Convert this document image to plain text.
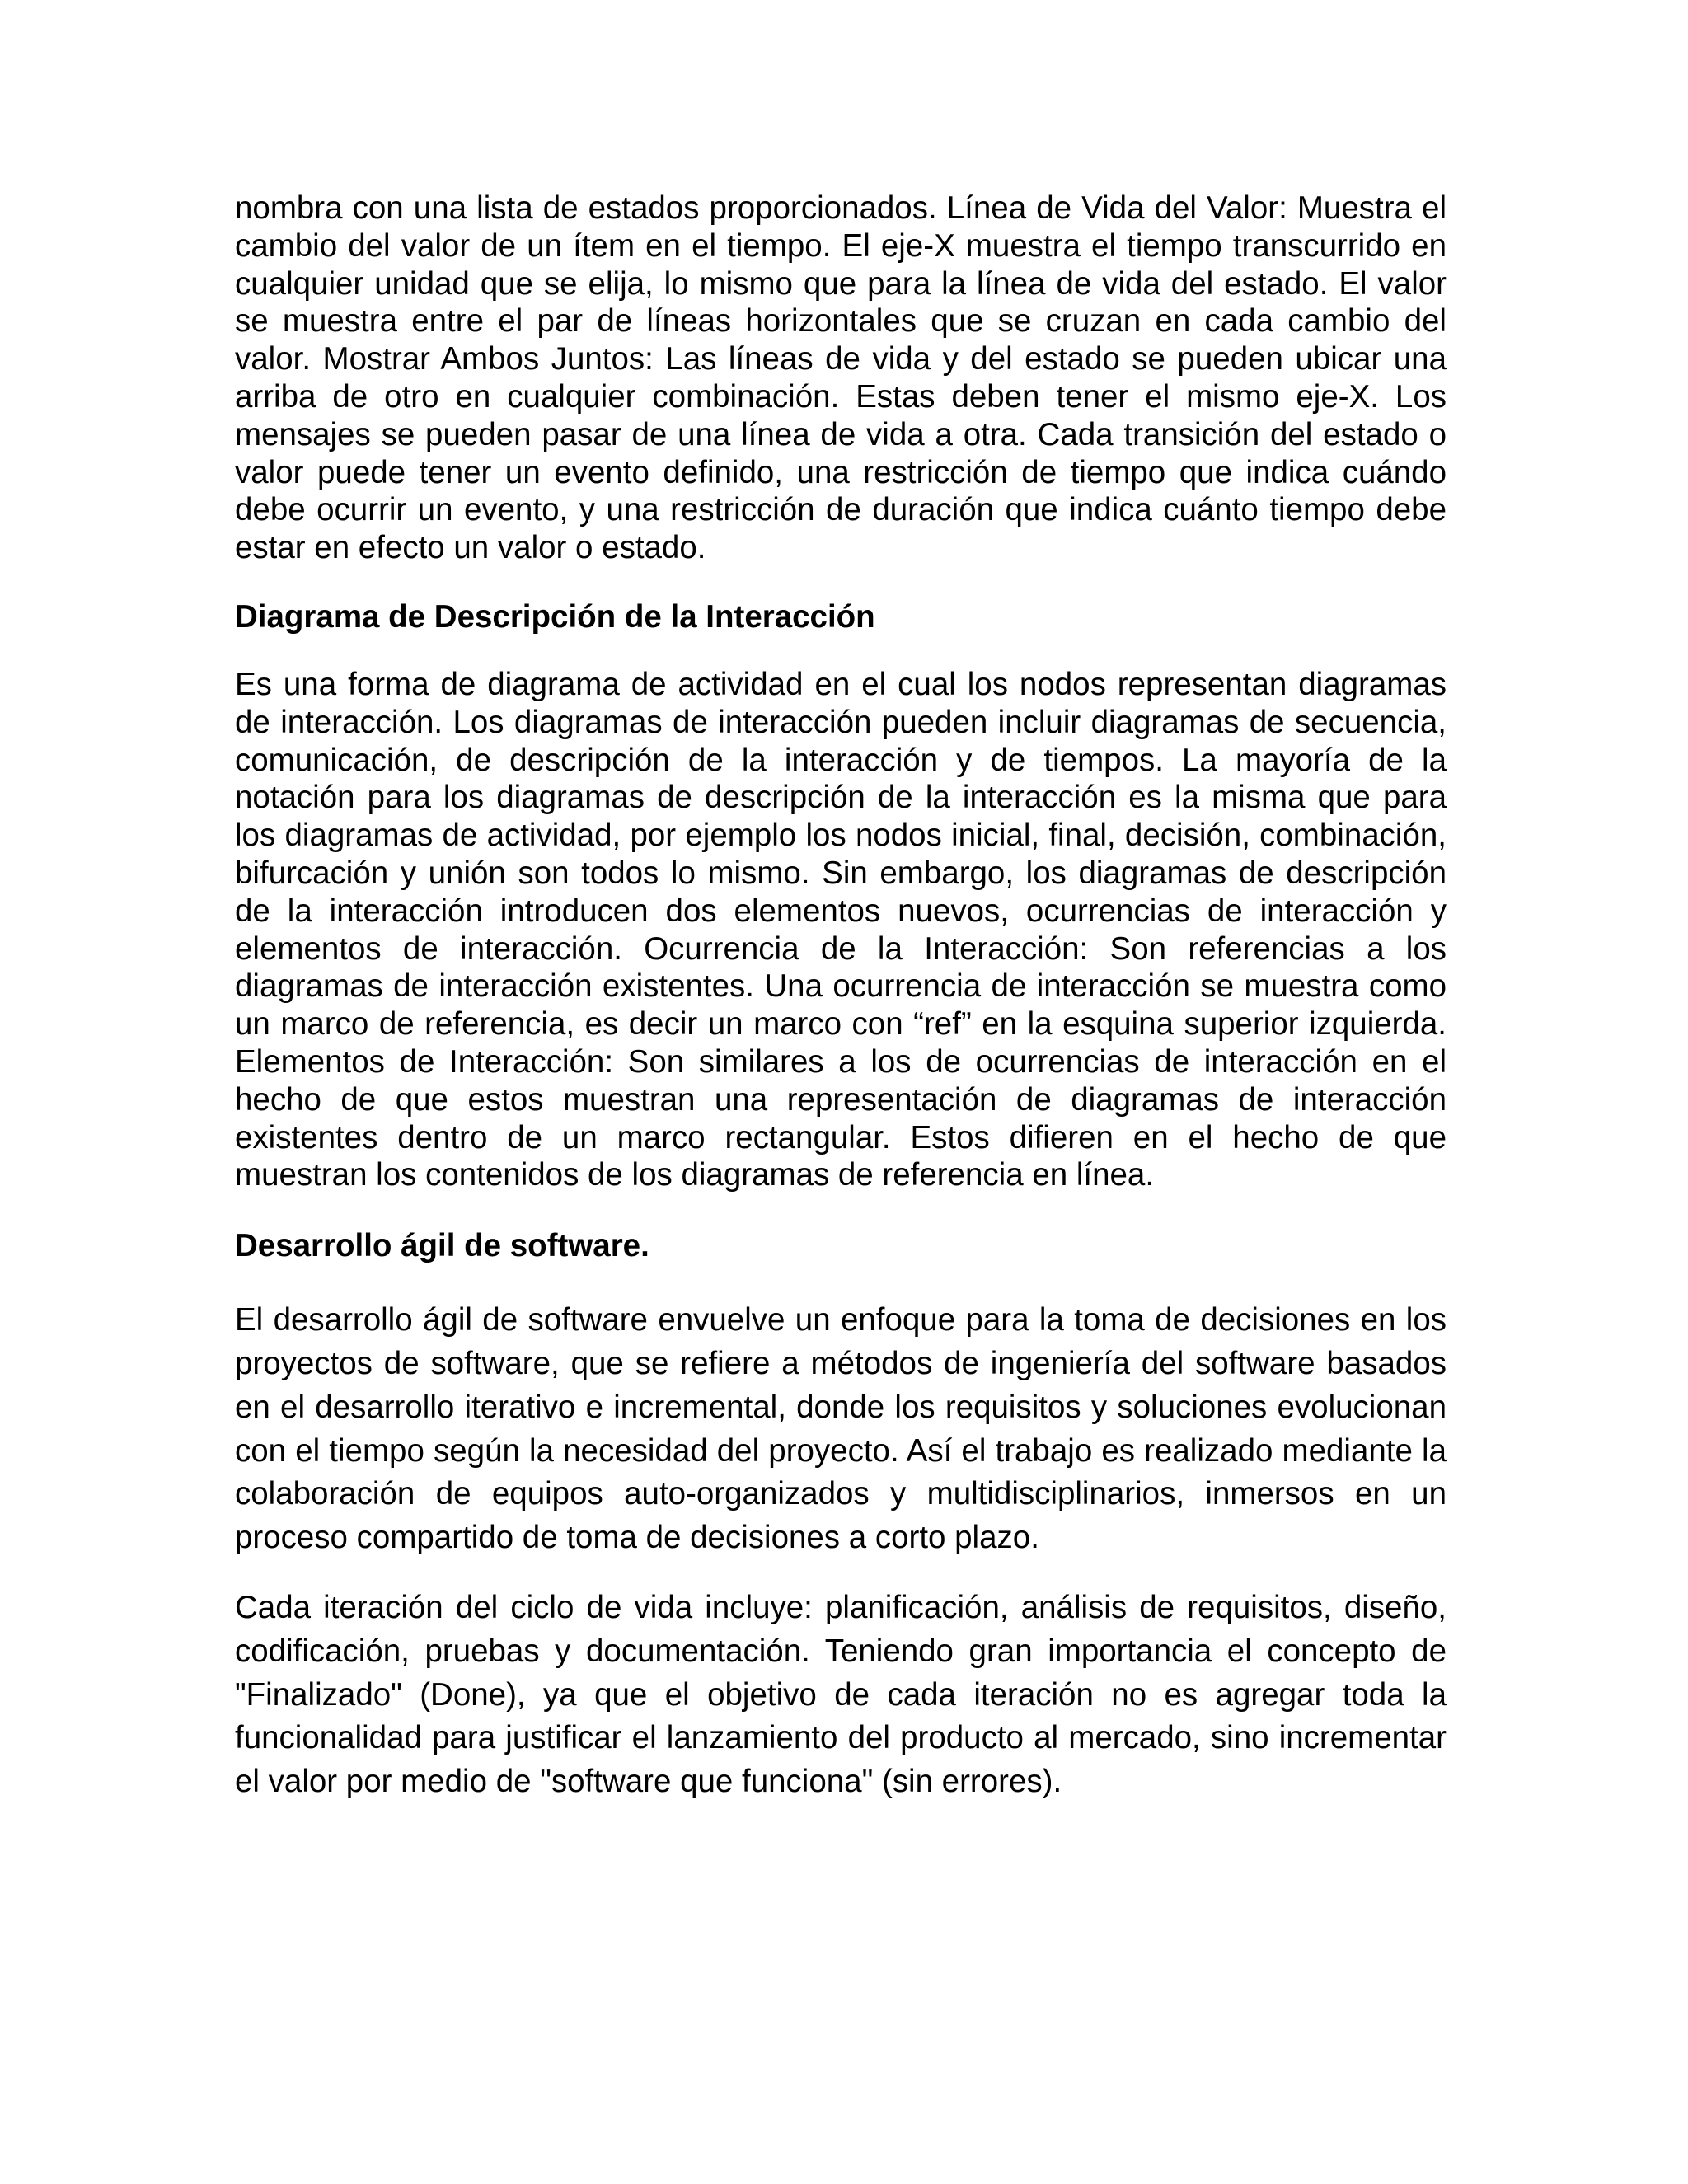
nombra con una lista de estados proporcionados. Línea de Vida del Valor: Muestra el cambio del valor de un ítem en el tiempo. El eje-X muestra el tiempo transcurrido en cualquier unidad que se elija, lo mismo que para la línea de vida del estado. El valor se muestra entre el par de líneas horizontales que se cruzan en cada cambio del valor. Mostrar Ambos Juntos: Las líneas de vida y del estado se pueden ubicar una arriba de otro en cualquier combinación. Estas deben tener el mismo eje-X. Los mensajes se pueden pasar de una línea de vida a otra. Cada transición del estado o valor puede tener un evento definido, una restricción de tiempo que indica cuándo debe ocurrir un evento, y una restricción de duración que indica cuánto tiempo debe estar en efecto un valor o estado.

Diagrama de Descripción de la Interacción

Es una forma de diagrama de actividad en el cual los nodos representan diagramas de interacción. Los diagramas de interacción pueden incluir diagramas de secuencia, comunicación, de descripción de la interacción y de tiempos. La mayoría de la notación para los diagramas de descripción de la interacción es la misma que para los diagramas de actividad, por ejemplo los nodos inicial, final, decisión, combinación, bifurcación y unión son todos lo mismo. Sin embargo, los diagramas de descripción de la interacción introducen dos elementos nuevos, ocurrencias de interacción y elementos de interacción. Ocurrencia de la Interacción: Son referencias a los diagramas de interacción existentes. Una ocurrencia de interacción se muestra como un marco de referencia, es decir un marco con “ref” en la esquina superior izquierda. Elementos de Interacción: Son similares a los de ocurrencias de interacción en el hecho de que estos muestran una representación de diagramas de interacción existentes dentro de un marco rectangular. Estos difieren en el hecho de que muestran los contenidos de los diagramas de referencia en línea.

Desarrollo ágil de software.

El desarrollo ágil de software envuelve un enfoque para la toma de decisiones en los proyectos de software, que se refiere a métodos de ingeniería del software basados en el desarrollo iterativo e incremental, donde los requisitos y soluciones evolucionan con el tiempo según la necesidad del proyecto. Así el trabajo es realizado mediante la colaboración de equipos auto-organizados y multidisciplinarios, inmersos en un proceso compartido de toma de decisiones a corto plazo.

Cada iteración del ciclo de vida incluye: planificación, análisis de requisitos, diseño, codificación, pruebas y documentación. Teniendo gran importancia el concepto de "Finalizado" (Done), ya que el objetivo de cada iteración no es agregar toda la funcionalidad para justificar el lanzamiento del producto al mercado, sino incrementar el valor por medio de "software que funciona" (sin errores).
